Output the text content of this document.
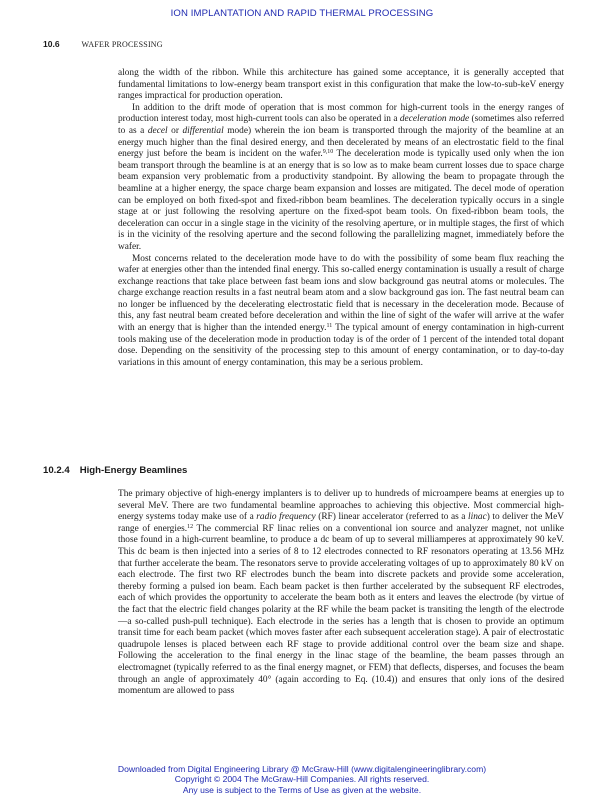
ION IMPLANTATION AND RAPID THERMAL PROCESSING
10.6	WAFER PROCESSING

along the width of the ribbon. While this architecture has gained some acceptance, it is generally accepted that fundamental limitations to low-energy beam transport exist in this configuration that make the low-to-sub-keV energy ranges impractical for production operation.

In addition to the drift mode of operation that is most common for high-current tools in the energy ranges of production interest today, most high-current tools can also be operated in a deceleration mode (sometimes also referred to as a decel or differential mode) wherein the ion beam is transported through the majority of the beamline at an energy much higher than the final desired energy, and then decelerated by means of an electrostatic field to the final energy just before the beam is incident on the wafer.$^{9,10}$ The deceleration mode is typically used only when the ion beam transport through the beamline is at an energy that is so low as to make beam current losses due to space charge beam expansion very problematic from a productivity standpoint. By allowing the beam to propagate through the beamline at a higher energy, the space charge beam expansion and losses are mitigated. The decel mode of operation can be employed on both fixed-spot and fixed-ribbon beam beamlines. The deceleration typically occurs in a single stage at or just following the resolving aperture on the fixed-spot beam tools. On fixed-ribbon beam tools, the deceleration can occur in a single stage in the vicinity of the resolving aperture, or in multiple stages, the first of which is in the vicinity of the resolving aperture and the second following the parallelizing magnet, immediately before the wafer.

Most concerns related to the deceleration mode have to do with the possibility of some beam flux reaching the wafer at energies other than the intended final energy. This so-called energy contamination is usually a result of charge exchange reactions that take place between fast beam ions and slow background gas neutral atoms or molecules. The charge exchange reaction results in a fast neutral beam atom and a slow background gas ion. The fast neutral beam can no longer be influenced by the decelerating electrostatic field that is necessary in the deceleration mode. Because of this, any fast neutral beam created before deceleration and within the line of sight of the wafer will arrive at the wafer with an energy that is higher than the intended energy.$^{11}$ The typical amount of energy contamination in high-current tools making use of the deceleration mode in production today is of the order of 1 percent of the intended total dopant dose. Depending on the sensitivity of the processing step to this amount of energy contamination, or to day-to-day variations in this amount of energy contamination, this may be a serious problem.

10.2.4 High-Energy Beamlines

The primary objective of high-energy implanters is to deliver up to hundreds of microampere beams at energies up to several MeV. There are two fundamental beamline approaches to achieving this objective. Most commercial high-energy systems today make use of a radio frequency (RF) linear accelerator (referred to as a linac) to deliver the MeV range of energies.$^{12}$ The commercial RF linac relies on a conventional ion source and analyzer magnet, not unlike those found in a high-current beamline, to produce a dc beam of up to several milliamperes at approximately 90 keV. This dc beam is then injected into a series of 8 to 12 electrodes connected to RF resonators operating at 13.56 MHz that further accelerate the beam. The resonators serve to provide accelerating voltages of up to approximately 80 kV on each electrode. The first two RF electrodes bunch the beam into discrete packets and provide some acceleration, thereby forming a pulsed ion beam. Each beam packet is then further accelerated by the subsequent RF electrodes, each of which provides the opportunity to accelerate the beam both as it enters and leaves the electrode (by virtue of the fact that the electric field changes polarity at the RF while the beam packet is transiting the length of the electrode—a so-called push-pull technique). Each electrode in the series has a length that is chosen to provide an optimum transit time for each beam packet (which moves faster after each subsequent acceleration stage). A pair of electrostatic quadrupole lenses is placed between each RF stage to provide additional control over the beam size and shape. Following the acceleration to the final energy in the linac stage of the beamline, the beam passes through an electromagnet (typically referred to as the final energy magnet, or FEM) that deflects, disperses, and focuses the beam through an angle of approximately 40° (again according to Eq. (10.4)) and ensures that only ions of the desired momentum are allowed to pass

Downloaded from Digital Engineering Library @ McGraw-Hill (www.digitalengineeringlibrary.com)
Copyright © 2004 The McGraw-Hill Companies. All rights reserved.
Any use is subject to the Terms of Use as given at the website.
